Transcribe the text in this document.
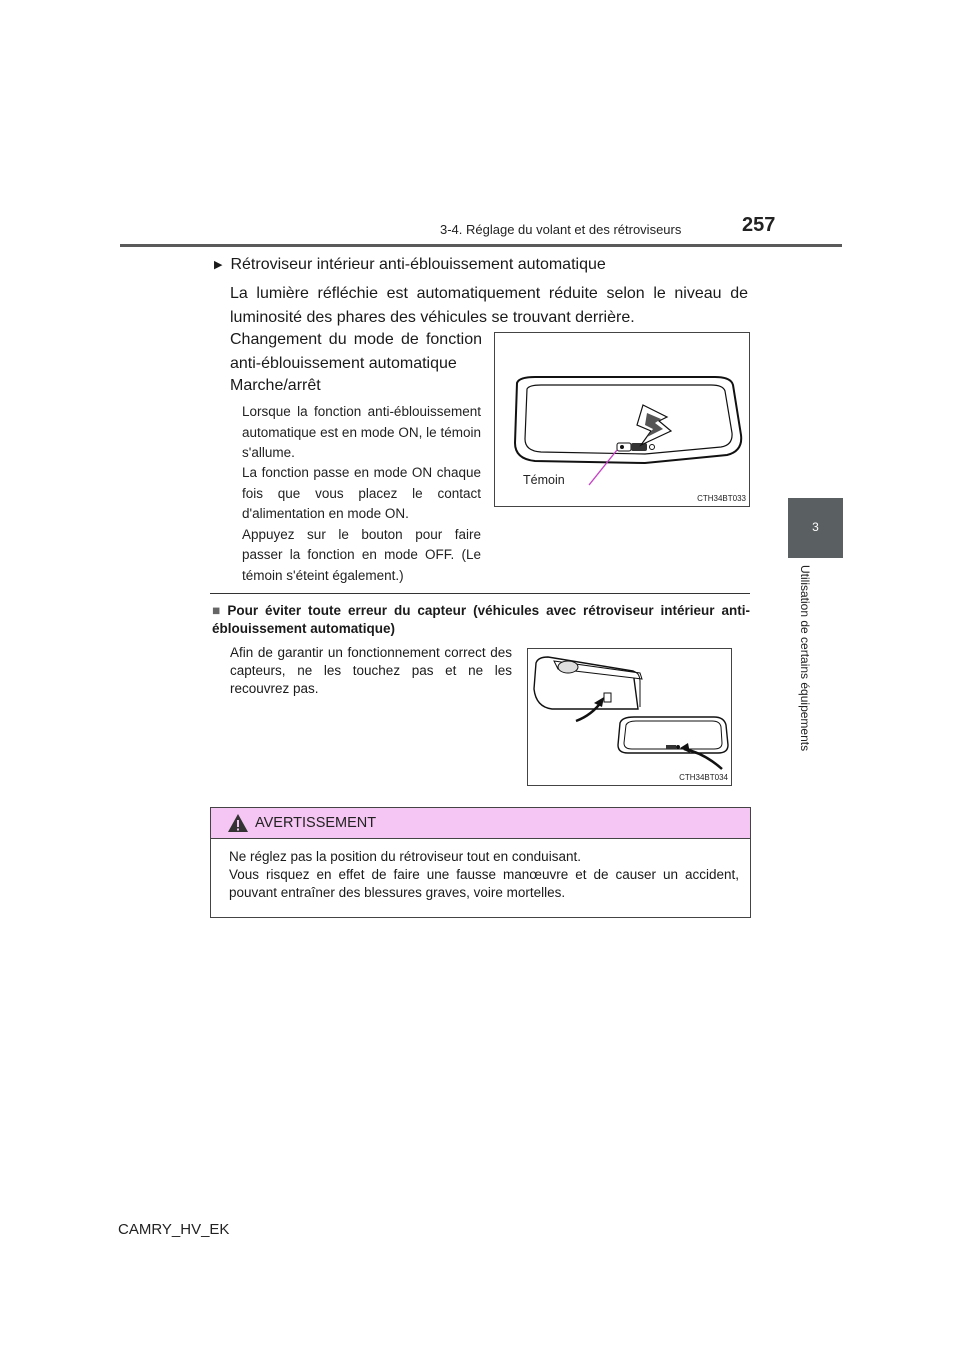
3-4. Réglage du volant et des rétroviseurs	257
3
Utilisation de certains équipements
▶ Rétroviseur intérieur anti-éblouissement automatique
La lumière réfléchie est automatiquement réduite selon le niveau de luminosité des phares des véhicules se trouvant derrière.
Changement du mode de fonction anti-éblouissement automatique
Marche/arrêt
Lorsque la fonction anti-éblouissement automatique est en mode ON, le témoin s'allume.
La fonction passe en mode ON chaque fois que vous placez le contact d'alimentation en mode ON.
Appuyez sur le bouton pour faire passer la fonction en mode OFF. (Le témoin s'éteint également.)
Témoin
CTH34BT033
■ Pour éviter toute erreur du capteur (véhicules avec rétroviseur intérieur anti-éblouissement automatique)
Afin de garantir un fonctionnement correct des capteurs, ne les touchez pas et ne les recouvrez pas.
CTH34BT034
AVERTISSEMENT
Ne réglez pas la position du rétroviseur tout en conduisant.
Vous risquez en effet de faire une fausse manœuvre et de causer un accident, pouvant entraîner des blessures graves, voire mortelles.
CAMRY_HV_EK
